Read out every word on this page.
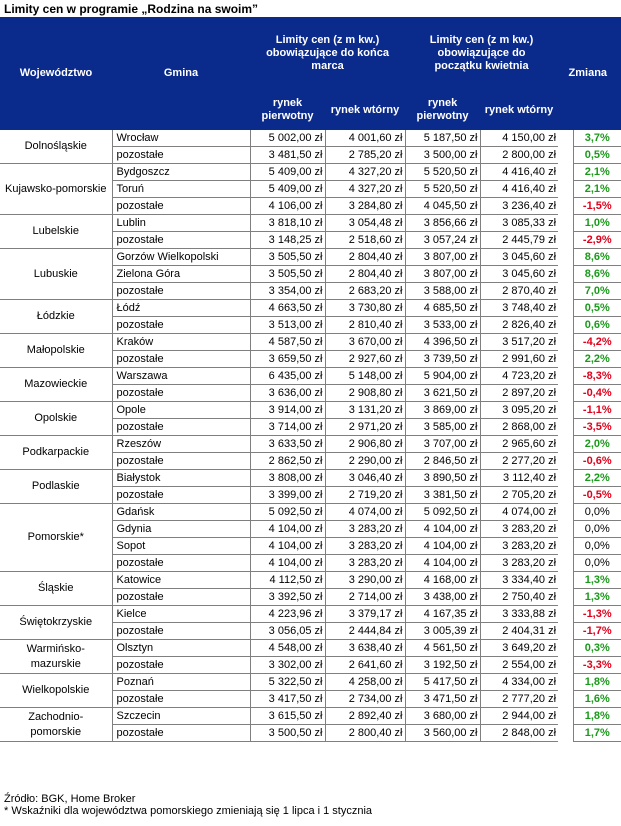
Limity cen w programie „Rodzina na swoim”
Województwo	Gmina	Limity cen (z m kw.) obowiązujące do końca marca		Limity cen (z m kw.) obowiązujące do początku kwietnia		Zmiana	
		rynek pierwotny	rynek wtórny	rynek pierwotny	rynek wtórny		
Dolnośląskie	Wrocław	5 002,00 zł	4 001,60 zł	5 187,50 zł	4 150,00 zł		3,7%
	pozostałe	3 481,50 zł	2 785,20 zł	3 500,00 zł	2 800,00 zł		0,5%
Kujawsko-pomorskie	Bydgoszcz	5 409,00 zł	4 327,20 zł	5 520,50 zł	4 416,40 zł		2,1%
	Toruń	5 409,00 zł	4 327,20 zł	5 520,50 zł	4 416,40 zł		2,1%
	pozostałe	4 106,00 zł	3 284,80 zł	4 045,50 zł	3 236,40 zł		-1,5%
Lubelskie	Lublin	3 818,10 zł	3 054,48 zł	3 856,66 zł	3 085,33 zł		1,0%
	pozostałe	3 148,25 zł	2 518,60 zł	3 057,24 zł	2 445,79 zł		-2,9%
Lubuskie	Gorzów Wielkopolski	3 505,50 zł	2 804,40 zł	3 807,00 zł	3 045,60 zł		8,6%
	Zielona Góra	3 505,50 zł	2 804,40 zł	3 807,00 zł	3 045,60 zł		8,6%
	pozostałe	3 354,00 zł	2 683,20 zł	3 588,00 zł	2 870,40 zł		7,0%
Łódzkie	Łódź	4 663,50 zł	3 730,80 zł	4 685,50 zł	3 748,40 zł		0,5%
	pozostałe	3 513,00 zł	2 810,40 zł	3 533,00 zł	2 826,40 zł		0,6%
Małopolskie	Kraków	4 587,50 zł	3 670,00 zł	4 396,50 zł	3 517,20 zł		-4,2%
	pozostałe	3 659,50 zł	2 927,60 zł	3 739,50 zł	2 991,60 zł		2,2%
Mazowieckie	Warszawa	6 435,00 zł	5 148,00 zł	5 904,00 zł	4 723,20 zł		-8,3%
	pozostałe	3 636,00 zł	2 908,80 zł	3 621,50 zł	2 897,20 zł		-0,4%
Opolskie	Opole	3 914,00 zł	3 131,20 zł	3 869,00 zł	3 095,20 zł		-1,1%
	pozostałe	3 714,00 zł	2 971,20 zł	3 585,00 zł	2 868,00 zł		-3,5%
Podkarpackie	Rzeszów	3 633,50 zł	2 906,80 zł	3 707,00 zł	2 965,60 zł		2,0%
	pozostałe	2 862,50 zł	2 290,00 zł	2 846,50 zł	2 277,20 zł		-0,6%
Podlaskie	Białystok	3 808,00 zł	3 046,40 zł	3 890,50 zł	3 112,40 zł		2,2%
	pozostałe	3 399,00 zł	2 719,20 zł	3 381,50 zł	2 705,20 zł		-0,5%
Pomorskie*	Gdańsk	5 092,50 zł	4 074,00 zł	5 092,50 zł	4 074,00 zł		0,0%
	Gdynia	4 104,00 zł	3 283,20 zł	4 104,00 zł	3 283,20 zł		0,0%
	Sopot	4 104,00 zł	3 283,20 zł	4 104,00 zł	3 283,20 zł		0,0%
	pozostałe	4 104,00 zł	3 283,20 zł	4 104,00 zł	3 283,20 zł		0,0%
Śląskie	Katowice	4 112,50 zł	3 290,00 zł	4 168,00 zł	3 334,40 zł		1,3%
	pozostałe	3 392,50 zł	2 714,00 zł	3 438,00 zł	2 750,40 zł		1,3%
Świętokrzyskie	Kielce	4 223,96 zł	3 379,17 zł	4 167,35 zł	3 333,88 zł		-1,3%
	pozostałe	3 056,05 zł	2 444,84 zł	3 005,39 zł	2 404,31 zł		-1,7%
Warmińsko-mazurskie	Olsztyn	4 548,00 zł	3 638,40 zł	4 561,50 zł	3 649,20 zł		0,3%
	pozostałe	3 302,00 zł	2 641,60 zł	3 192,50 zł	2 554,00 zł		-3,3%
Wielkopolskie	Poznań	5 322,50 zł	4 258,00 zł	5 417,50 zł	4 334,00 zł		1,8%
	pozostałe	3 417,50 zł	2 734,00 zł	3 471,50 zł	2 777,20 zł		1,6%
Zachodnio-pomorskie	Szczecin	3 615,50 zł	2 892,40 zł	3 680,00 zł	2 944,00 zł		1,8%
	pozostałe	3 500,50 zł	2 800,40 zł	3 560,00 zł	2 848,00 zł		1,7%
Źródło: BGK, Home Broker
* Wskaźniki dla województwa pomorskiego zmieniają się 1 lipca i 1 stycznia
